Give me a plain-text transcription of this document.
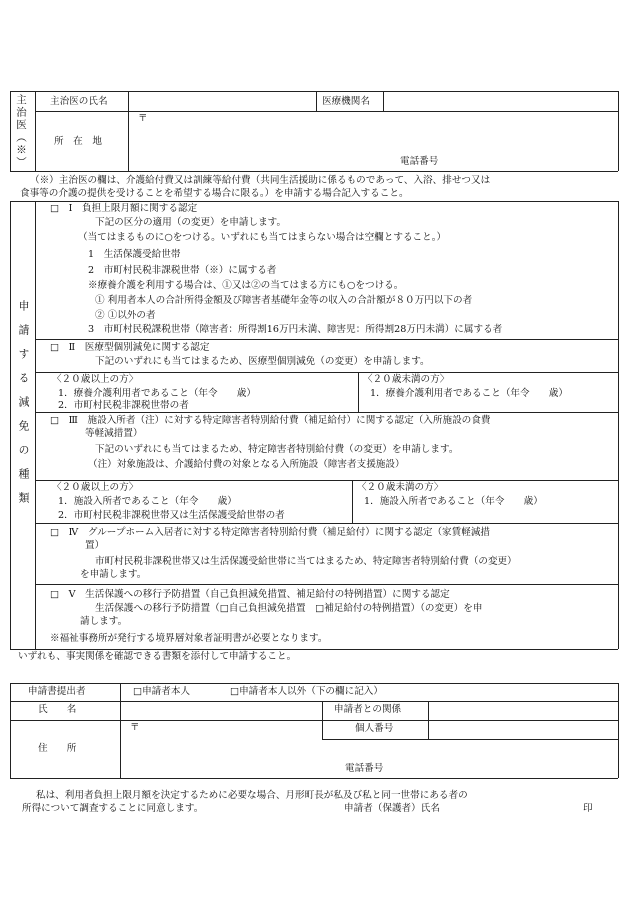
主治医（※） 主治医の氏名	医療機関名
〒
所　在　地
電話番号
（※）主治医の欄は、介護給付費又は訓練等給付費（共同生活援助に係るものであって、入浴、排せつ又は
食事等の介護の提供を受けることを希望する場合に限る。）を申請する場合記入すること。
申請する減免の種類
□　Ⅰ　負担上限月額に関する認定
下記の区分の適用（の変更）を申請します。
（当てはまるものに○をつける。いずれにも当てはまらない場合は空欄とすること。）
1　生活保護受給世帯
2　市町村民税非課税世帯（※）に属する者
※療養介護を利用する場合は、①又は②の当てはまる方にも○をつける。
① 利用者本人の合計所得金額及び障害者基礎年金等の収入の合計額が８０万円以下の者
② ①以外の者
3　市町村民税課税世帯（障害者：所得割16万円未満、障害児：所得割28万円未満）に属する者
□　Ⅱ　医療型個別減免に関する認定
下記のいずれにも当てはまるため、医療型個別減免（の変更）を申請します。
〈２０歳以上の方〉
1．療養介護利用者であること（年令　　歳）
2．市町村民税非課税世帯の者
〈２０歳未満の方〉
1．療養介護利用者であること（年令　　歳）
□　Ⅲ　施設入所者（注）に対する特定障害者特別給付費（補足給付）に関する認定（入所施設の食費
等軽減措置）
下記のいずれにも当てはまるため、特定障害者特別給付費（の変更）を申請します。
（注）対象施設は、介護給付費の対象となる入所施設（障害者支援施設）
〈２０歳以上の方〉
1．施設入所者であること（年令　　歳）
2．市町村民税非課税世帯又は生活保護受給世帯の者
〈２０歳未満の方〉
1．施設入所者であること（年令　　歳）
□　Ⅳ　グループホーム入居者に対する特定障害者特別給付費（補足給付）に関する認定（家賃軽減措
置）
市町村民税非課税世帯又は生活保護受給世帯に当てはまるため、特定障害者特別給付費（の変更）
を申請します。
□　Ⅴ　生活保護への移行予防措置（自己負担減免措置、補足給付の特例措置）に関する認定
生活保護への移行予防措置（□自己負担減免措置　□補足給付の特例措置）（の変更）を申
請します。
※福祉事務所が発行する境界層対象者証明書が必要となります。
いずれも、事実関係を確認できる書類を添付して申請すること。
申請書提出者	□申請者本人	□申請者本人以外（下の欄に記入）
氏　　名	申請者との関係
〒	個人番号
住　　所
電話番号
私は、利用者負担上限月額を決定するために必要な場合、月形町長が私及び私と同一世帯にある者の
所得について調査することに同意します。	申請者（保護者）氏名	印
